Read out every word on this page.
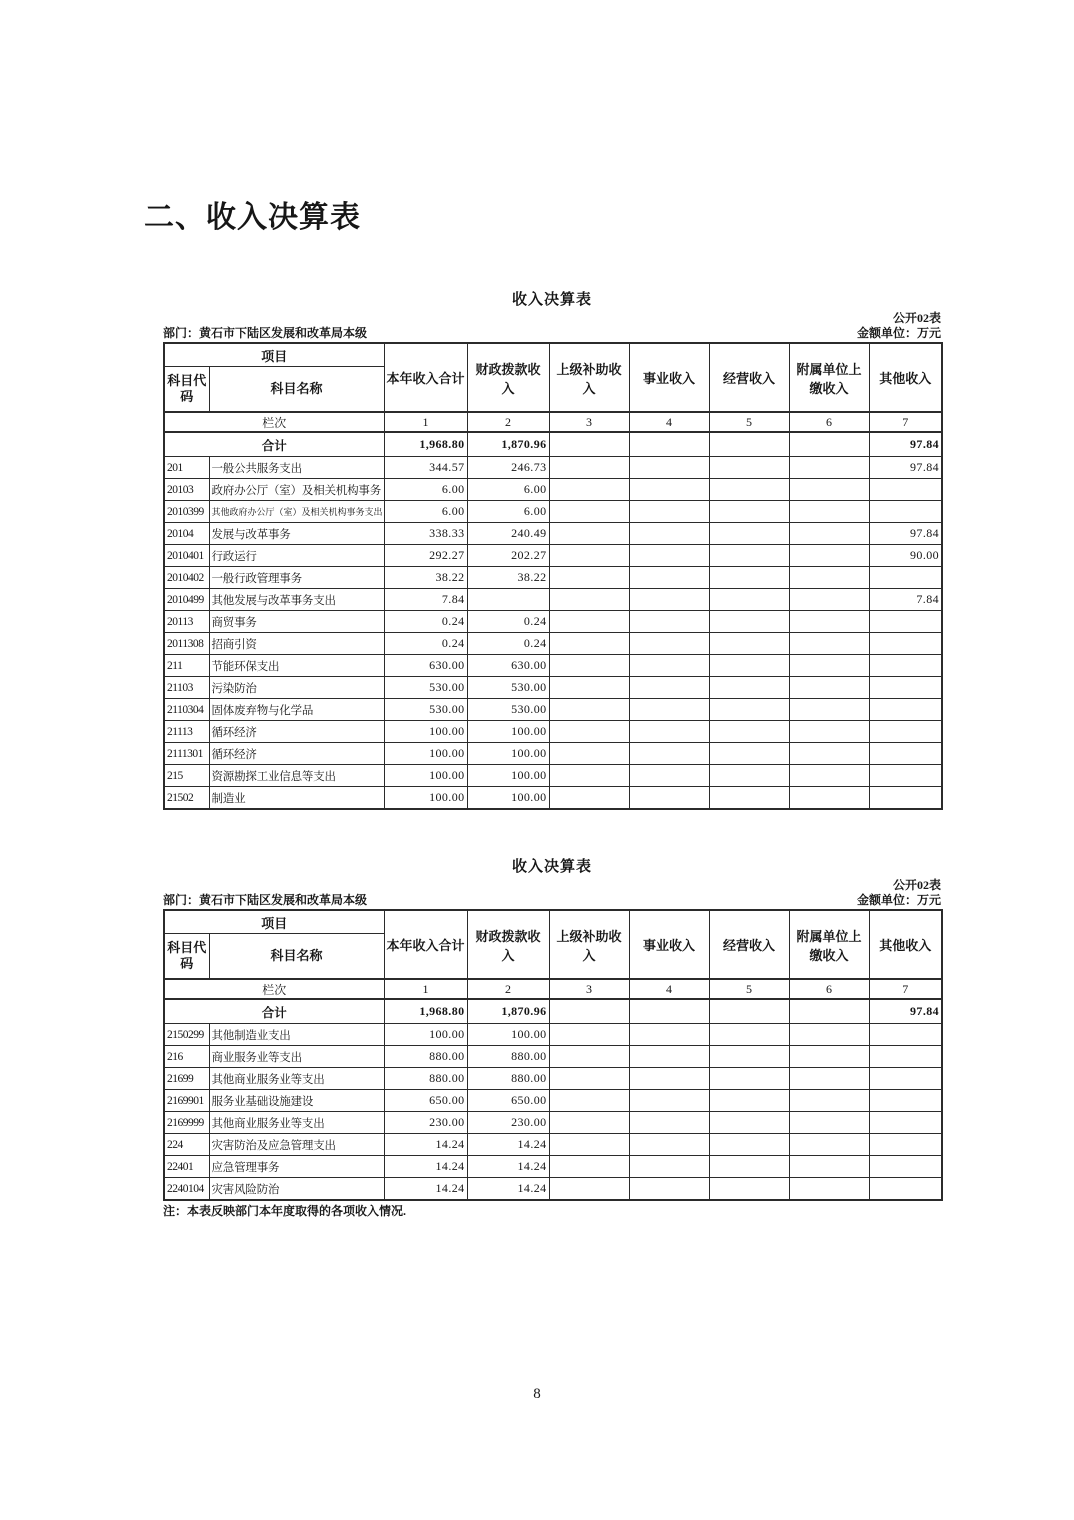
二、收入决算表
收入决算表
公开02表
部门：黄石市下陆区发展和改革局本级	金额单位：万元
项目		本年收入合计	财政拨款收入	上级补助收入	事业收入	经营收入	附属单位上缴收入	其他收入
科目代码	科目名称							
栏次		1	2	3	4	5	6	7
合计		1,968.80	1,870.96					97.84
201	一般公共服务支出	344.57	246.73					97.84
20103	政府办公厅（室）及相关机构事务	6.00	6.00					
2010399	其他政府办公厅（室）及相关机构事务支出	6.00	6.00					
20104	发展与改革事务	338.33	240.49					97.84
2010401	行政运行	292.27	202.27					90.00
2010402	一般行政管理事务	38.22	38.22					
2010499	其他发展与改革事务支出	7.84						7.84
20113	商贸事务	0.24	0.24					
2011308	招商引资	0.24	0.24					
211	节能环保支出	630.00	630.00					
21103	污染防治	530.00	530.00					
2110304	固体废弃物与化学品	530.00	530.00					
21113	循环经济	100.00	100.00					
2111301	循环经济	100.00	100.00					
215	资源勘探工业信息等支出	100.00	100.00					
21502	制造业	100.00	100.00					
收入决算表
公开02表
部门：黄石市下陆区发展和改革局本级	金额单位：万元
项目		本年收入合计	财政拨款收入	上级补助收入	事业收入	经营收入	附属单位上缴收入	其他收入
科目代码	科目名称							
栏次		1	2	3	4	5	6	7
合计		1,968.80	1,870.96					97.84
2150299	其他制造业支出	100.00	100.00					
216	商业服务业等支出	880.00	880.00					
21699	其他商业服务业等支出	880.00	880.00					
2169901	服务业基础设施建设	650.00	650.00					
2169999	其他商业服务业等支出	230.00	230.00					
224	灾害防治及应急管理支出	14.24	14.24					
22401	应急管理事务	14.24	14.24					
2240104	灾害风险防治	14.24	14.24					
注：本表反映部门本年度取得的各项收入情况.
8
